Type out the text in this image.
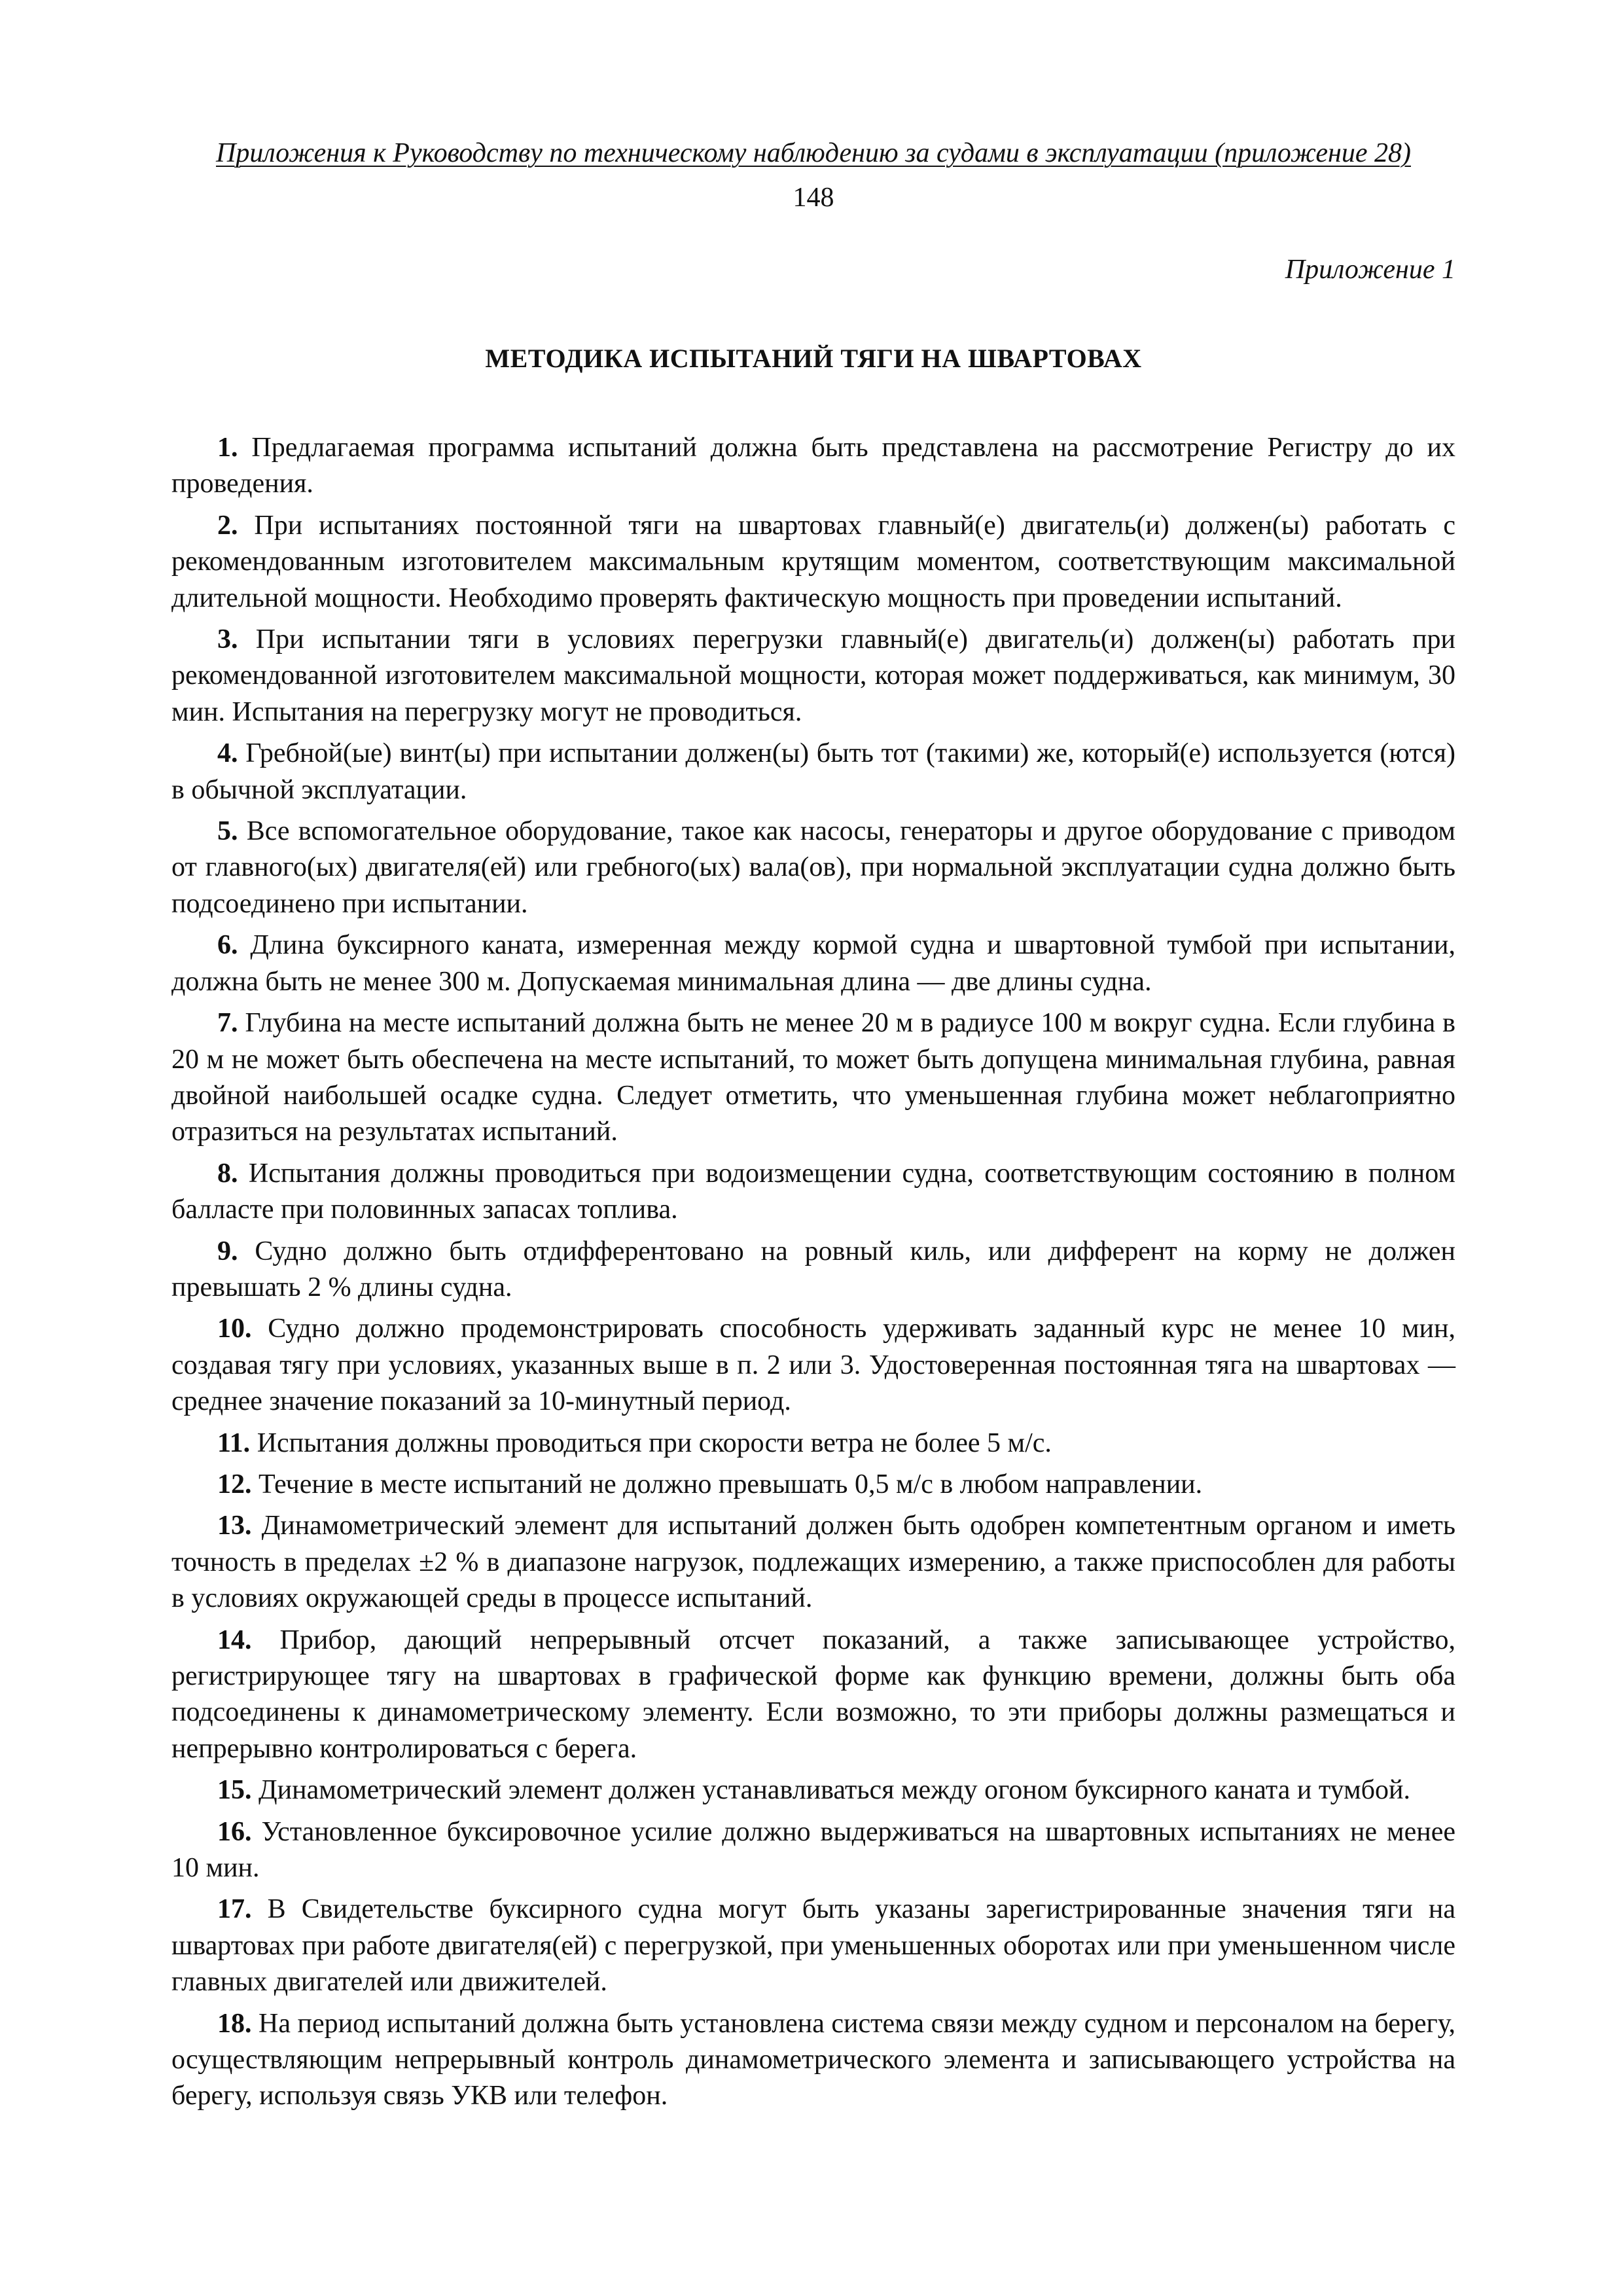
Приложения к Руководству по техническому наблюдению за судами в эксплуатации (приложение 28)
148
Приложение 1
МЕТОДИКА ИСПЫТАНИЙ ТЯГИ НА ШВАРТОВАХ

1. Предлагаемая программа испытаний должна быть представлена на рассмотрение Регистру до их проведения.

2. При испытаниях постоянной тяги на швартовах главный(е) двигатель(и) должен(ы) работать с рекомендованным изготовителем максимальным крутящим моментом, соответствующим максимальной длительной мощности. Необходимо проверять фактическую мощность при проведении испытаний.

3. При испытании тяги в условиях перегрузки главный(е) двигатель(и) должен(ы) работать при рекомендованной изготовителем максимальной мощности, которая может поддерживаться, как минимум, 30 мин. Испытания на перегрузку могут не проводиться.

4. Гребной(ые) винт(ы) при испытании должен(ы) быть тот (такими) же, который(е) используется (ются) в обычной эксплуатации.

5. Все вспомогательное оборудование, такое как насосы, генераторы и другое оборудование с приводом от главного(ых) двигателя(ей) или гребного(ых) вала(ов), при нормальной эксплуатации судна должно быть подсоединено при испытании.

6. Длина буксирного каната, измеренная между кормой судна и швартовной тумбой при испытании, должна быть не менее 300 м. Допускаемая минимальная длина — две длины судна.

7. Глубина на месте испытаний должна быть не менее 20 м в радиусе 100 м вокруг судна. Если глубина в 20 м не может быть обеспечена на месте испытаний, то может быть допущена минимальная глубина, равная двойной наибольшей осадке судна. Следует отметить, что уменьшенная глубина может неблагоприятно отразиться на результатах испытаний.

8. Испытания должны проводиться при водоизмещении судна, соответствующим состоянию в полном балласте при половинных запасах топлива.

9. Судно должно быть отдифферентовано на ровный киль, или дифферент на корму не должен превышать 2 % длины судна.

10. Судно должно продемонстрировать способность удерживать заданный курс не менее 10 мин, создавая тягу при условиях, указанных выше в п. 2 или 3. Удостоверенная постоянная тяга на швартовах — среднее значение показаний за 10-минутный период.

11. Испытания должны проводиться при скорости ветра не более 5 м/с.

12. Течение в месте испытаний не должно превышать 0,5 м/с в любом направлении.

13. Динамометрический элемент для испытаний должен быть одобрен компетентным органом и иметь точность в пределах ±2 % в диапазоне нагрузок, подлежащих измерению, а также приспособлен для работы в условиях окружающей среды в процессе испытаний.

14. Прибор, дающий непрерывный отсчет показаний, а также записывающее устройство, регистрирующее тягу на швартовах в графической форме как функцию времени, должны быть оба подсоединены к динамометрическому элементу. Если возможно, то эти приборы должны размещаться и непрерывно контролироваться с берега.

15. Динамометрический элемент должен устанавливаться между огоном буксирного каната и тумбой.

16. Установленное буксировочное усилие должно выдерживаться на швартовных испытаниях не менее 10 мин.

17. В Свидетельстве буксирного судна могут быть указаны зарегистрированные значения тяги на швартовах при работе двигателя(ей) с перегрузкой, при уменьшенных оборотах или при уменьшенном числе главных двигателей или движителей.

18. На период испытаний должна быть установлена система связи между судном и персоналом на берегу, осуществляющим непрерывный контроль динамометрического элемента и записывающего устройства на берегу, используя связь УКВ или телефон.
